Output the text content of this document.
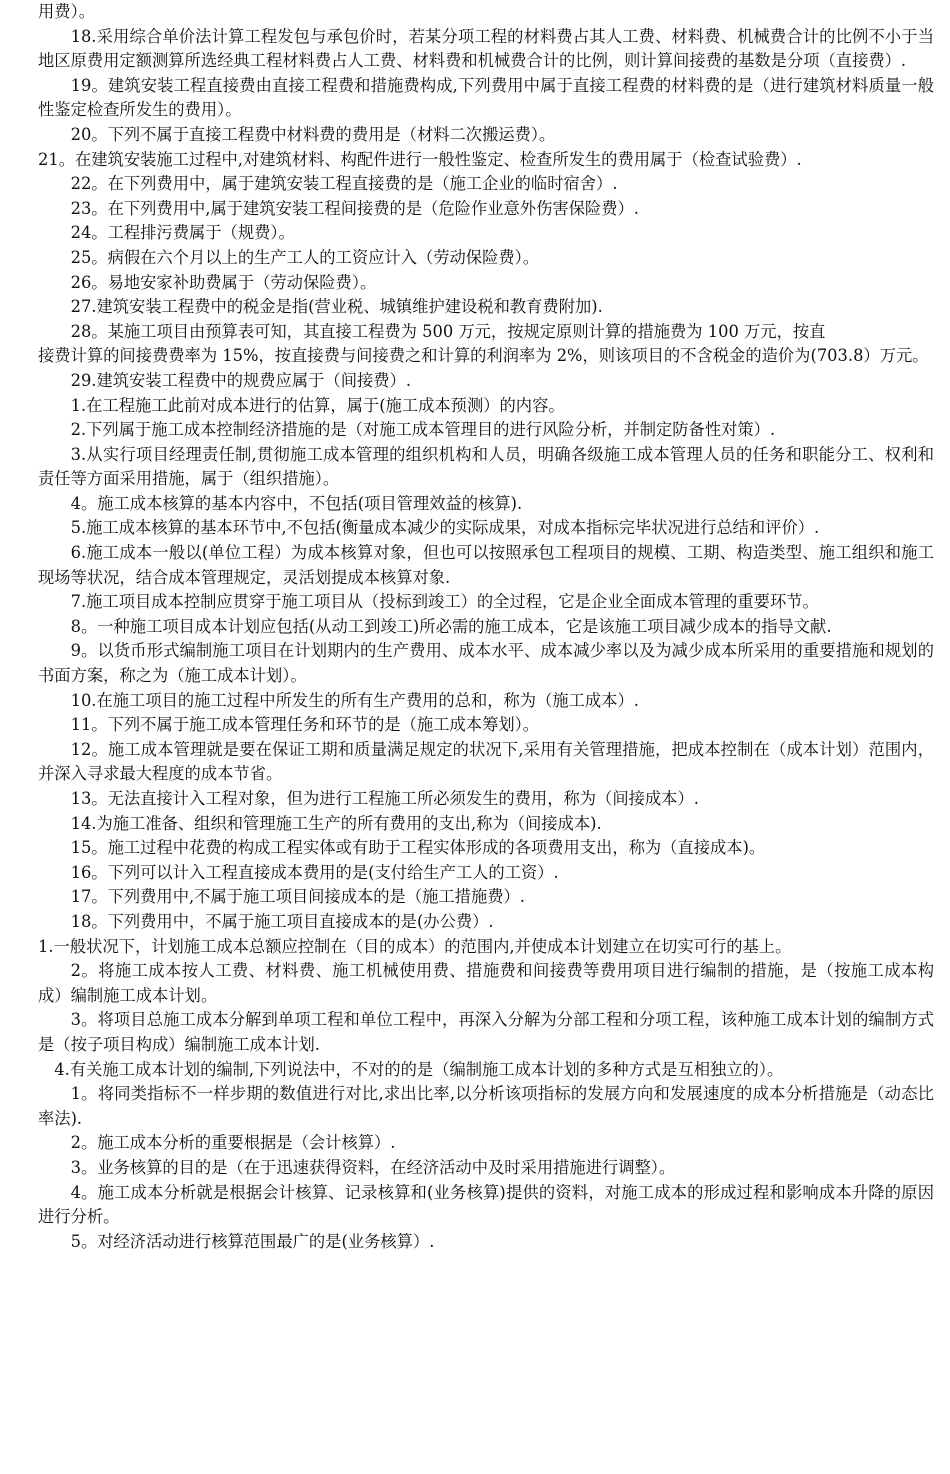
用费）。

18.采用综合单价法计算工程发包与承包价时，若某分项工程的材料费占其人工费、材料费、机械费合计的比例不小于当地区原费用定额测算所选经典工程材料费占人工费、材料费和机械费合计的比例，则计算间接费的基数是分项（直接费）.

19。建筑安装工程直接费由直接工程费和措施费构成,下列费用中属于直接工程费的材料费的是（进行建筑材料质量一般性鉴定检查所发生的费用）。

20。下列不属于直接工程费中材料费的费用是（材料二次搬运费）。

21。在建筑安装施工过程中,对建筑材料、构配件进行一般性鉴定、检查所发生的费用属于（检查试验费）.

22。在下列费用中，属于建筑安装工程直接费的是（施工企业的临时宿舍）.

23。在下列费用中,属于建筑安装工程间接费的是（危险作业意外伤害保险费）.

24。工程排污费属于（规费）。

25。病假在六个月以上的生产工人的工资应计入（劳动保险费）。

26。易地安家补助费属于（劳动保险费）。

27.建筑安装工程费中的税金是指(营业税、城镇维护建设税和教育费附加).

28。某施工项目由预算表可知，其直接工程费为 500 万元，按规定原则计算的措施费为 100 万元，按直

接费计算的间接费费率为 15%，按直接费与间接费之和计算的利润率为 2%，则该项目的不含税金的造价为(703.8）万元。

29.建筑安装工程费中的规费应属于（间接费）.

1.在工程施工此前对成本进行的估算，属于(施工成本预测）的内容。

2.下列属于施工成本控制经济措施的是（对施工成本管理目的进行风险分析，并制定防备性对策）.

3.从实行项目经理责任制,贯彻施工成本管理的组织机构和人员，明确各级施工成本管理人员的任务和职能分工、权利和责任等方面采用措施，属于（组织措施）。

4。施工成本核算的基本内容中，不包括(项目管理效益的核算).

5.施工成本核算的基本环节中,不包括(衡量成本减少的实际成果，对成本指标完毕状况进行总结和评价）.

6.施工成本一般以(单位工程）为成本核算对象，但也可以按照承包工程项目的规模、工期、构造类型、施工组织和施工现场等状况，结合成本管理规定，灵活划提成本核算对象.

7.施工项目成本控制应贯穿于施工项目从（投标到竣工）的全过程，它是企业全面成本管理的重要环节。

8。一种施工项目成本计划应包括(从动工到竣工)所必需的施工成本，它是该施工项目减少成本的指导文献.

9。以货币形式编制施工项目在计划期内的生产费用、成本水平、成本减少率以及为减少成本所采用的重要措施和规划的书面方案，称之为（施工成本计划）。

10.在施工项目的施工过程中所发生的所有生产费用的总和，称为（施工成本）.

11。下列不属于施工成本管理任务和环节的是（施工成本筹划）。

12。施工成本管理就是要在保证工期和质量满足规定的状况下,采用有关管理措施，把成本控制在（成本计划）范围内，并深入寻求最大程度的成本节省。

13。无法直接计入工程对象，但为进行工程施工所必须发生的费用，称为（间接成本）.

14.为施工准备、组织和管理施工生产的所有费用的支出,称为（间接成本).

15。施工过程中花费的构成工程实体或有助于工程实体形成的各项费用支出，称为（直接成本)。

16。下列可以计入工程直接成本费用的是(支付给生产工人的工资）.

17。下列费用中,不属于施工项目间接成本的是（施工措施费）.

18。下列费用中，不属于施工项目直接成本的是(办公费）.

1.一般状况下，计划施工成本总额应控制在（目的成本）的范围内,并使成本计划建立在切实可行的基上。

2。将施工成本按人工费、材料费、施工机械使用费、措施费和间接费等费用项目进行编制的措施，是（按施工成本构成）编制施工成本计划。

3。将项目总施工成本分解到单项工程和单位工程中，再深入分解为分部工程和分项工程，该种施工成本计划的编制方式是（按子项目构成）编制施工成本计划.

4.有关施工成本计划的编制,下列说法中，不对的的是（编制施工成本计划的多种方式是互相独立的）。

1。将同类指标不一样步期的数值进行对比,求出比率,以分析该项指标的发展方向和发展速度的成本分析措施是（动态比率法).

2。施工成本分析的重要根据是（会计核算）.

3。业务核算的目的是（在于迅速获得资料，在经济活动中及时采用措施进行调整）。

4。施工成本分析就是根据会计核算、记录核算和(业务核算)提供的资料，对施工成本的形成过程和影响成本升降的原因进行分析。

5。对经济活动进行核算范围最广的是(业务核算）.
